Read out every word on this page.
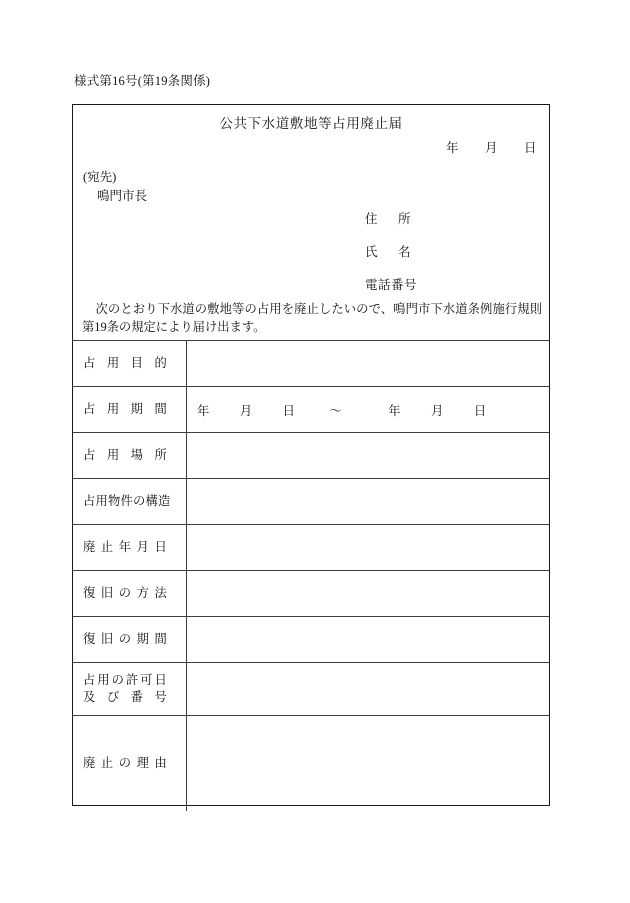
様式第16号(第19条関係)
公共下水道敷地等占用廃止届
年 月 日
(宛先)
鳴門市長
住 所
氏 名
電話番号
次のとおり下水道の敷地等の占用を廃止したいので、鳴門市下水道条例施行規則第19条の規定により届け出ます。
占用目的	

占用期間	年 月 日 ～ 年 月 日

占用場所	

占用物件の構造	

廃止年月日	

復旧の方法	

復旧の期間	

占用の許可日
及び番号	

廃止の理由	
